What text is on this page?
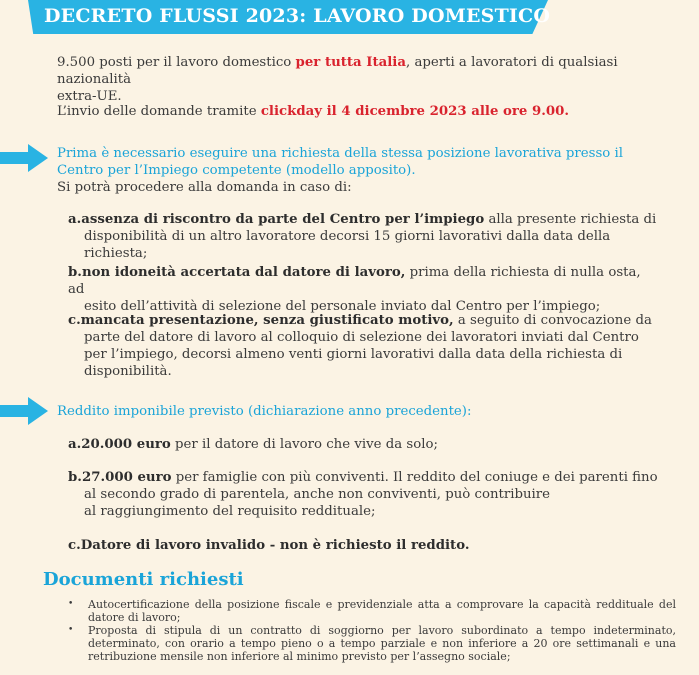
DECRETO FLUSSI 2023: LAVORO DOMESTICO
9.500 posti per il lavoro domestico per tutta Italia, aperti a lavoratori di qualsiasi nazionalità
extra-UE.
L’invio delle domande tramite clickday il 4 dicembre 2023 alle ore 9.00.
Prima è necessario eseguire una richiesta della stessa posizione lavorativa presso il
Centro per l’Impiego competente (modello apposito).
Si potrà procedere alla domanda in caso di:
a.assenza di riscontro da parte del Centro per l’impiego alla presente richiesta di
disponibilità di un altro lavoratore decorsi 15 giorni lavorativi dalla data della richiesta;
b.non idoneità accertata dal datore di lavoro, prima della richiesta di nulla osta, ad
esito dell’attività di selezione del personale inviato dal Centro per l’impiego;
c.mancata presentazione, senza giustificato motivo, a seguito di convocazione da
parte del datore di lavoro al colloquio di selezione dei lavoratori inviati dal Centro per l’impiego, decorsi almeno venti giorni lavorativi dalla data della richiesta di disponibilità.
Reddito imponibile previsto (dichiarazione anno precedente):
a.20.000 euro per il datore di lavoro che vive da solo;
b.27.000 euro per famiglie con più conviventi. Il reddito del coniuge e dei parenti fino
al secondo grado di parentela, anche non conviventi, può contribuire al raggiungimento del requisito reddituale;
c.Datore di lavoro invalido - non è richiesto il reddito.
Documenti richiesti
• Autocertificazione della posizione fiscale e previdenziale atta a comprovare la capacità reddituale del datore di lavoro;
• Proposta di stipula di un contratto di soggiorno per lavoro subordinato a tempo indeterminato, determinato, con orario a tempo pieno o a tempo parziale e non inferiore a 20 ore settimanali e una retribuzione mensile non inferiore al minimo previsto per l’assegno sociale;
